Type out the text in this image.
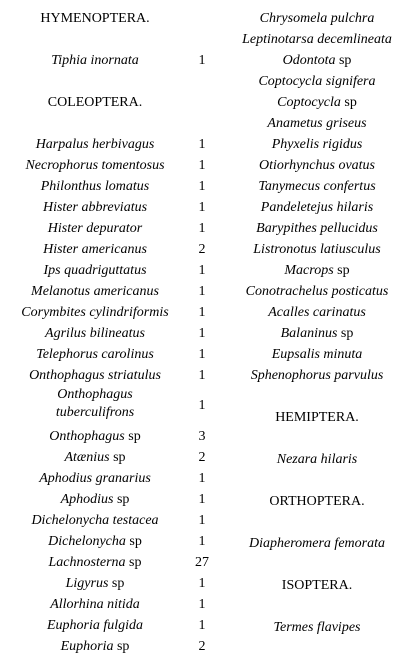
HYMENOPTERA.
Tiphia inornata	1
COLEOPTERA.
Harpalus herbivagus	1
Necrophorus tomentosus	1
Philonthus lomatus	1
Hister abbreviatus	1
Hister depurator	1
Hister americanus	2
Ips quadriguttatus	1
Melanotus americanus	1
Corymbites cylindriformis	1
Agrilus bilineatus	1
Telephorus carolinus	1
Onthophagus striatulus	1
Onthophagus
tuberculifrons	1
Onthophagus sp	3
Atænius sp	2
Aphodius granarius	1
Aphodius sp	1
Dichelonycha testacea	1
Dichelonycha sp	1
Lachnosterna sp	27
Ligyrus sp	1
Allorhina nitida	1
Euphoria fulgida	1
Euphoria sp	2
Chrysomela pulchra
Leptinotarsa decemlineata
Odontota sp
Coptocycla signifera
Coptocycla sp
Anametus griseus
Phyxelis rigidus
Otiorhynchus ovatus
Tanymecus confertus
Pandeletejus hilaris
Barypithes pellucidus
Listronotus latiusculus
Macrops sp
Conotrachelus posticatus
Acalles carinatus
Balaninus sp
Eupsalis minuta
Sphenophorus parvulus
HEMIPTERA.
Nezara hilaris
ORTHOPTERA.
Diapheromera femorata
ISOPTERA.
Termes flavipes
